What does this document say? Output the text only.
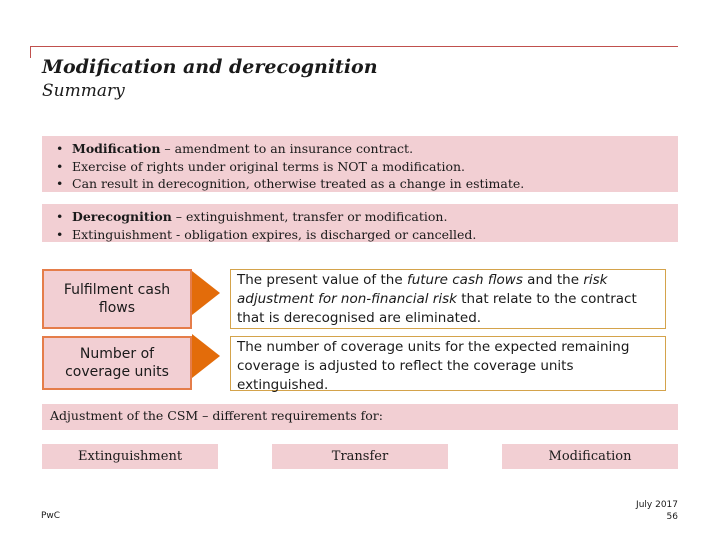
Modification and derecognition
Summary
• Modification – amendment to an insurance contract.
• Exercise of rights under original terms is NOT a modification.
• Can result in derecognition, otherwise treated as a change in estimate.
• Derecognition – extinguishment, transfer or modification.
• Extinguishment - obligation expires, is discharged or cancelled.
Fulfilment cash flows
The present value of the future cash flows and the risk adjustment for non-financial risk that relate to the contract that is derecognised are eliminated.
Number of coverage units
The number of coverage units for the expected remaining coverage is adjusted to reflect the coverage units extinguished.
Adjustment of the CSM – different requirements for:
Extinguishment	Transfer	Modification
PwC
July 2017
56
